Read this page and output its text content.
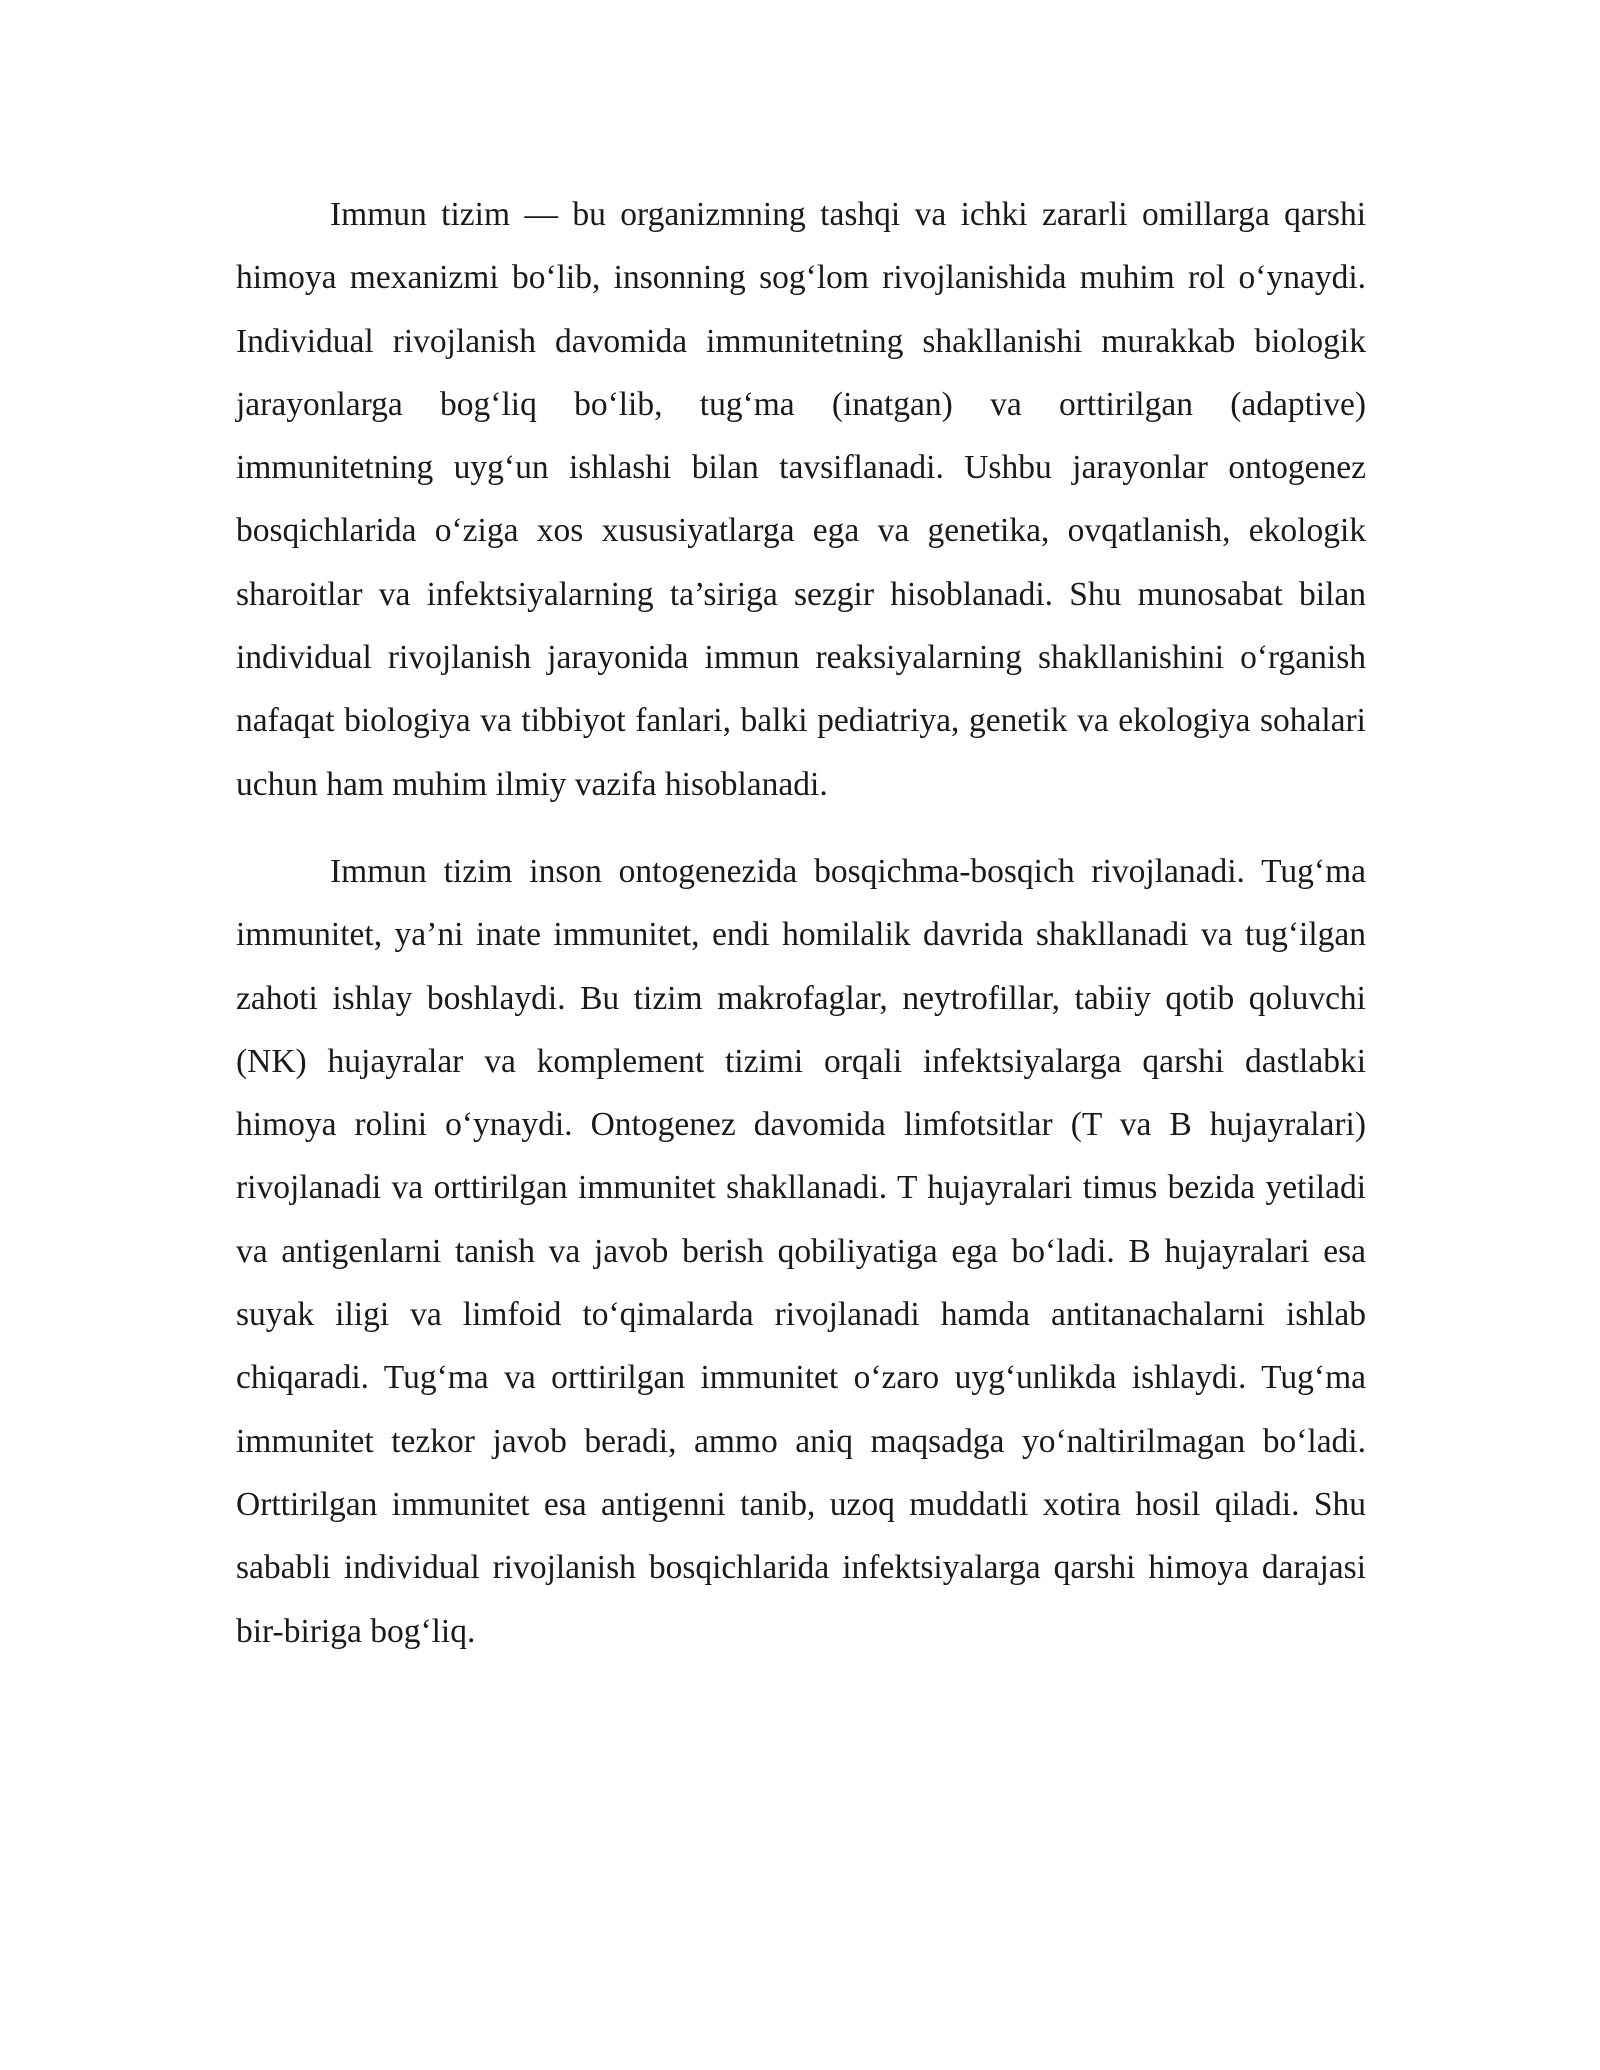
Immun tizim — bu organizmning tashqi va ichki zararli omillarga qarshi himoya mexanizmi bo‘lib, insonning sog‘lom rivojlanishida muhim rol o‘ynaydi. Individual rivojlanish davomida immunitetning shakllanishi murakkab biologik jarayonlarga bog‘liq bo‘lib, tug‘ma (inatgan) va orttirilgan (adaptive) immunitetning uyg‘un ishlashi bilan tavsiflanadi. Ushbu jarayonlar ontogenez bosqichlarida o‘ziga xos xususiyatlarga ega va genetika, ovqatlanish, ekologik sharoitlar va infektsiyalarning ta’siriga sezgir hisoblanadi. Shu munosabat bilan individual rivojlanish jarayonida immun reaksiyalarning shakllanishini o‘rganish nafaqat biologiya va tibbiyot fanlari, balki pediatriya, genetik va ekologiya sohalari uchun ham muhim ilmiy vazifa hisoblanadi.

Immun tizim inson ontogenezida bosqichma-bosqich rivojlanadi. Tug‘ma immunitet, ya’ni inate immunitet, endi homilalik davrida shakllanadi va tug‘ilgan zahoti ishlay boshlaydi. Bu tizim makrofaglar, neytrofillar, tabiiy qotib qoluvchi (NK) hujayralar va komplement tizimi orqali infektsiyalarga qarshi dastlabki himoya rolini o‘ynaydi. Ontogenez davomida limfotsitlar (T va B hujayralari) rivojlanadi va orttirilgan immunitet shakllanadi. T hujayralari timus bezida yetiladi va antigenlarni tanish va javob berish qobiliyatiga ega bo‘ladi. B hujayralari esa suyak iligi va limfoid to‘qimalarda rivojlanadi hamda antitanachalarni ishlab chiqaradi. Tug‘ma va orttirilgan immunitet o‘zaro uyg‘unlikda ishlaydi. Tug‘ma immunitet tezkor javob beradi, ammo aniq maqsadga yo‘naltirilmagan bo‘ladi. Orttirilgan immunitet esa antigenni tanib, uzoq muddatli xotira hosil qiladi. Shu sababli individual rivojlanish bosqichlarida infektsiyalarga qarshi himoya darajasi bir-biriga bog‘liq.
